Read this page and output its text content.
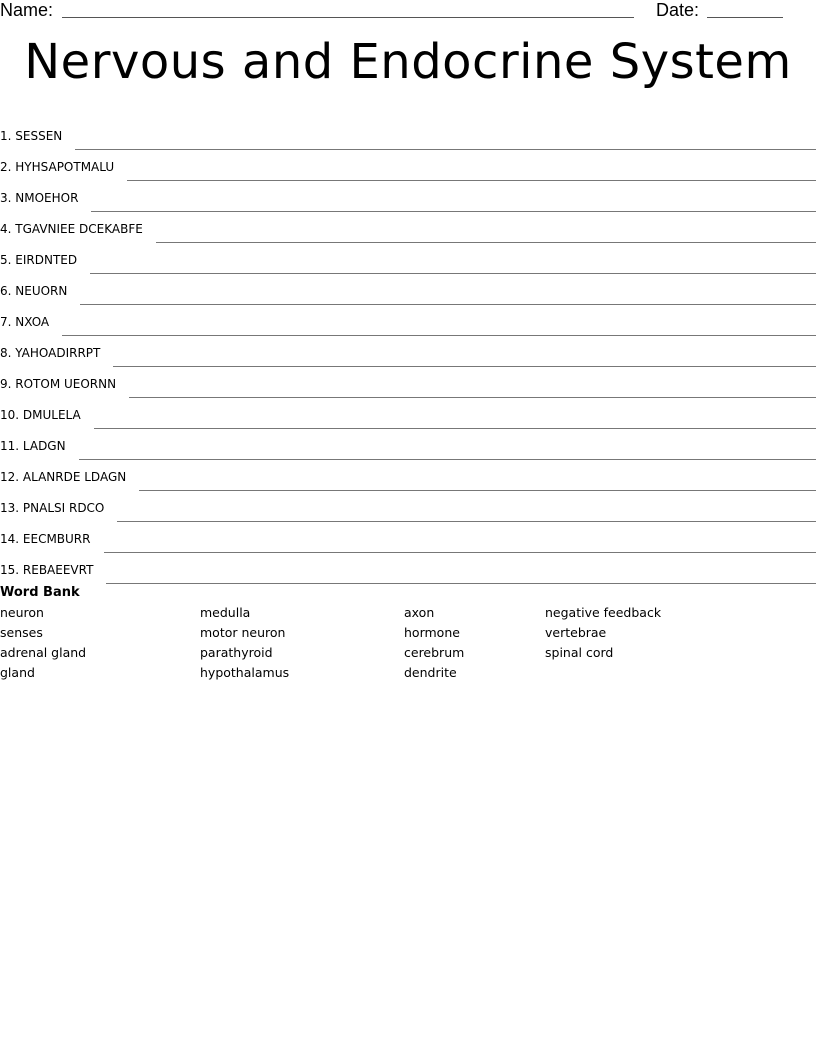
Name:	Date:
Nervous and Endocrine System
1. SESSEN
2. HYHSAPOTMALU
3. NMOEHOR
4. TGAVNIEE DCEKABFE
5. EIRDNTED
6. NEUORN
7. NXOA
8. YAHOADIRRPT
9. ROTOM UEORNN
10. DMULELA
11. LADGN
12. ALANRDE LDAGN
13. PNALSI RDCO
14. EECMBURR
15. REBAEEVRT
Word Bank
neuron
senses
adrenal gland
gland
medulla
motor neuron
parathyroid
hypothalamus
axon
hormone
cerebrum
dendrite
negative feedback
vertebrae
spinal cord
